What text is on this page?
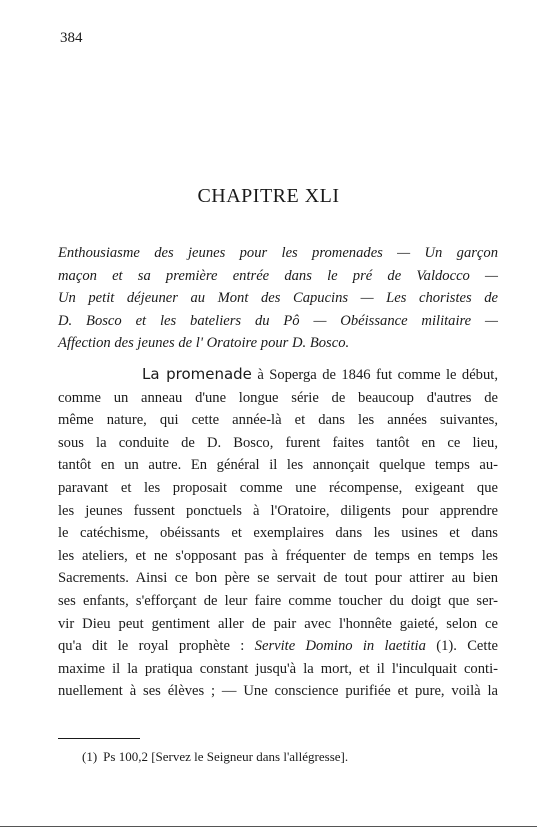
384
CHAPITRE XLI
Enthousiasme des jeunes pour les promenades — Un garçon
maçon et sa première entrée dans le pré de Valdocco —
Un petit déjeuner au Mont des Capucins — Les choristes de
D. Bosco et les bateliers du Pô — Obéissance militaire —
Affection des jeunes de l' Oratoire pour D. Bosco.
La promenade à Soperga de 1846 fut comme le début,
comme un anneau d'une longue série de beaucoup d'autres de
même nature, qui cette année-là et dans les années suivantes,
sous la conduite de D. Bosco, furent faites tantôt en ce lieu,
tantôt en un autre. En général il les annonçait quelque temps au-
paravant et les proposait comme une récompense, exigeant que
les jeunes fussent ponctuels à l'Oratoire, diligents pour apprendre
le catéchisme, obéissants et exemplaires dans les usines et dans
les ateliers, et ne s'opposant pas à fréquenter de temps en temps les
Sacrements. Ainsi ce bon père se servait de tout pour attirer au bien
ses enfants, s'efforçant de leur faire comme toucher du doigt que ser-
vir Dieu peut gentiment aller de pair avec l'honnête gaieté, selon ce
qu'a dit le royal prophète : Servite Domino in laetitia (1). Cette
maxime il la pratiqua constant jusqu'à la mort, et il l'inculquait conti-
nuellement à ses élèves ; — Une conscience purifiée et pure, voilà la
(1) Ps 100,2 [Servez le Seigneur dans l'allégresse].
